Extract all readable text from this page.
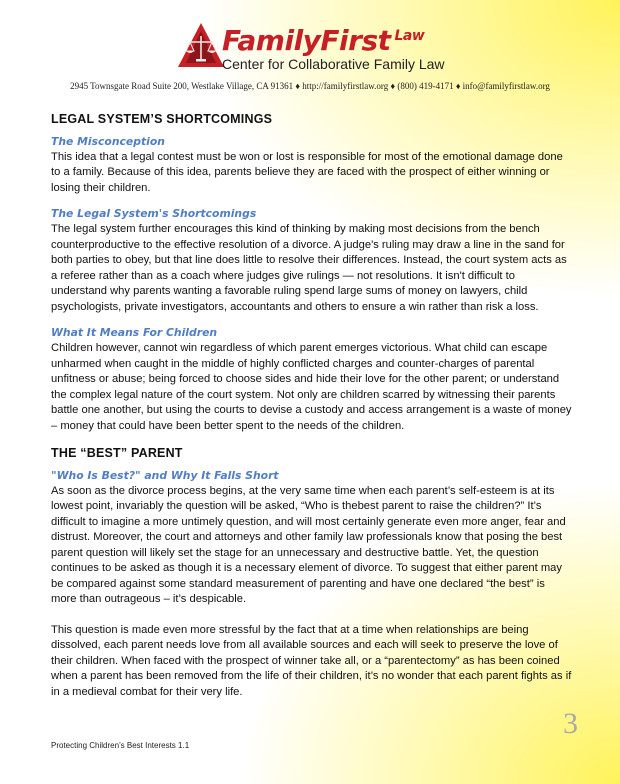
FamilyFirst $^{Law}$
Center for Collaborative Family Law
2945 Townsgate Road Suite 200, Westlake Village, CA 91361 ♦ http://familyfirstlaw.org ♦ (800) 419-4171 ♦ info@familyfirstlaw.org
LEGAL SYSTEM’S SHORTCOMINGS
The Misconception

This idea that a legal contest must be won or lost is responsible for most of the emotional damage done to a family. Because of this idea, parents believe they are faced with the prospect of either winning or losing their children.

The Legal System's Shortcomings

The legal system further encourages this kind of thinking by making most decisions from the bench counterproductive to the effective resolution of a divorce. A judge's ruling may draw a line in the sand for both parties to obey, but that line does little to resolve their differences. Instead, the court system acts as a referee rather than as a coach where judges give rulings — not resolutions. It isn't difficult to understand why parents wanting a favorable ruling spend large sums of money on lawyers, child psychologists, private investigators, accountants and others to ensure a win rather than risk a loss.

What It Means For Children

Children however, cannot win regardless of which parent emerges victorious. What child can escape unharmed when caught in the middle of highly conflicted charges and counter-charges of parental unfitness or abuse; being forced to choose sides and hide their love for the other parent; or understand the complex legal nature of the court system. Not only are children scarred by witnessing their parents battle one another, but using the courts to devise a custody and access arrangement is a waste of money – money that could have been better spent to the needs of the children.

THE “BEST” PARENT
"Who Is Best?" and Why It Falls Short

As soon as the divorce process begins, at the very same time when each parent’s self-esteem is at its lowest point, invariably the question will be asked, “Who is thebest parent to raise the children?” It’s difficult to imagine a more untimely question, and will most certainly generate even more anger, fear and distrust. Moreover, the court and attorneys and other family law professionals know that posing the best parent question will likely set the stage for an unnecessary and destructive battle. Yet, the question continues to be asked as though it is a necessary element of divorce. To suggest that either parent may be compared against some standard measurement of parenting and have one declared “the best” is more than outrageous – it’s despicable.

This question is made even more stressful by the fact that at a time when relationships are being dissolved, each parent needs love from all available sources and each will seek to preserve the love of their children. When faced with the prospect of winner take all, or a “parentectomy” as has been coined when a parent has been removed from the life of their children, it’s no wonder that each parent fights as if in a medieval combat for their very life.

3
Protecting Children’s Best Interests 1.1
